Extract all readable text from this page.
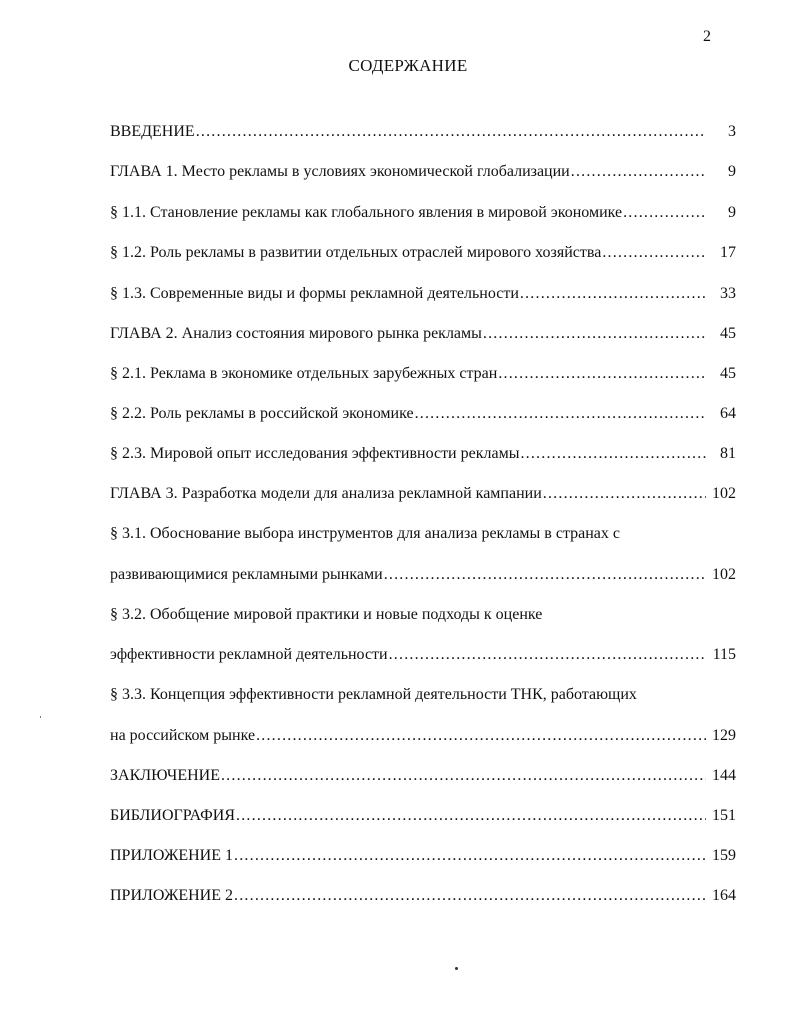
2
СОДЕРЖАНИЕ
ВВЕДЕНИЕ . . .	3
ГЛАВА 1. Место рекламы в условиях экономической глобализации . . .	9
§ 1.1. Становление рекламы как глобального явления в мировой экономике . . .	9
§ 1.2. Роль рекламы в развитии отдельных отраслей мирового хозяйства . . .	17
§ 1.3. Современные виды и формы рекламной деятельности . . .	33
ГЛАВА 2. Анализ состояния мирового рынка рекламы . . .	45
§ 2.1. Реклама в экономике отдельных зарубежных стран . . .	45
§ 2.2. Роль рекламы в российской экономике . . .	64
§ 2.3. Мировой опыт исследования эффективности рекламы . . .	81
ГЛАВА 3. Разработка модели для анализа рекламной кампании . . .	102
§ 3.1. Обоснование выбора инструментов для анализа рекламы в странах с
развивающимися рекламными рынками . . .	102
§ 3.2. Обобщение мировой практики и новые подходы к оценке
эффективности рекламной деятельности . . .	115
§ 3.3. Концепция эффективности рекламной деятельности ТНК, работающих
на российском рынке . . .	129
ЗАКЛЮЧЕНИЕ . . .	144
БИБЛИОГРАФИЯ . . .	151
ПРИЛОЖЕНИЕ 1 . . .	159
ПРИЛОЖЕНИЕ 2 . . .	164
